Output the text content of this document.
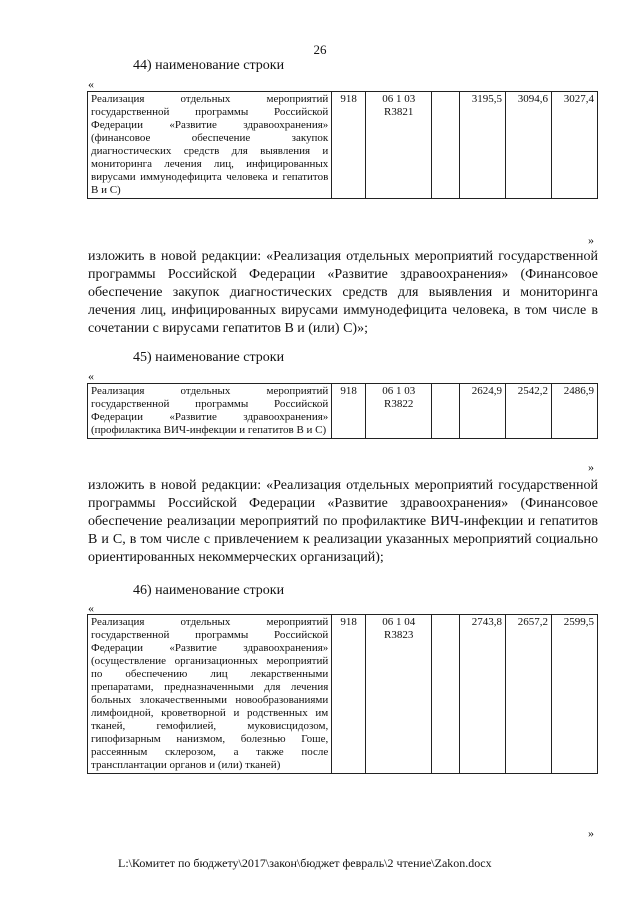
26
44) наименование строки
«
Реализация отдельных мероприятий государственной программы Российской Федерации «Развитие здравоохранения» (финансовое обеспечение закупок диагностических средств для выявления и мониторинга лечения лиц, инфицированных вирусами иммунодефицита человека и гепатитов В и С)	918	06 1 03
R3821
		3195,5	3094,6	3027,4
»
изложить в новой редакции: «Реализация отдельных мероприятий государственной программы Российской Федерации «Развитие здравоохранения» (Финансовое обеспечение закупок диагностических средств для выявления и мониторинга лечения лиц, инфицированных вирусами иммунодефицита человека, в том числе в сочетании с вирусами гепатитов В и (или) С)»;
45) наименование строки
«
Реализация отдельных мероприятий государственной программы Российской Федерации «Развитие здравоохранения» (профилактика ВИЧ-инфекции и гепатитов В и С)	918	06 1 03
R3822
		2624,9	2542,2	2486,9
»
изложить в новой редакции: «Реализация отдельных мероприятий государственной программы Российской Федерации «Развитие здравоохранения» (Финансовое обеспечение реализации мероприятий по профилактике ВИЧ-инфекции и гепатитов В и С, в том числе с привлечением к реализации указанных мероприятий социально ориентированных некоммерческих организаций);
46) наименование строки
«
Реализация отдельных мероприятий государственной программы Российской Федерации «Развитие здравоохранения» (осуществление организационных мероприятий по обеспечению лиц лекарственными препаратами, предназначенными для лечения больных злокачественными новообразованиями лимфоидной, кроветворной и родственных им тканей, гемофилией, муковисцидозом, гипофизарным нанизмом, болезнью Гоше, рассеянным склерозом, а также после трансплантации органов и (или) тканей)	918	06 1 04
R3823
		2743,8	2657,2	2599,5
»
L:\Комитет по бюджету\2017\закон\бюджет февраль\2 чтение\Zakon.docx
